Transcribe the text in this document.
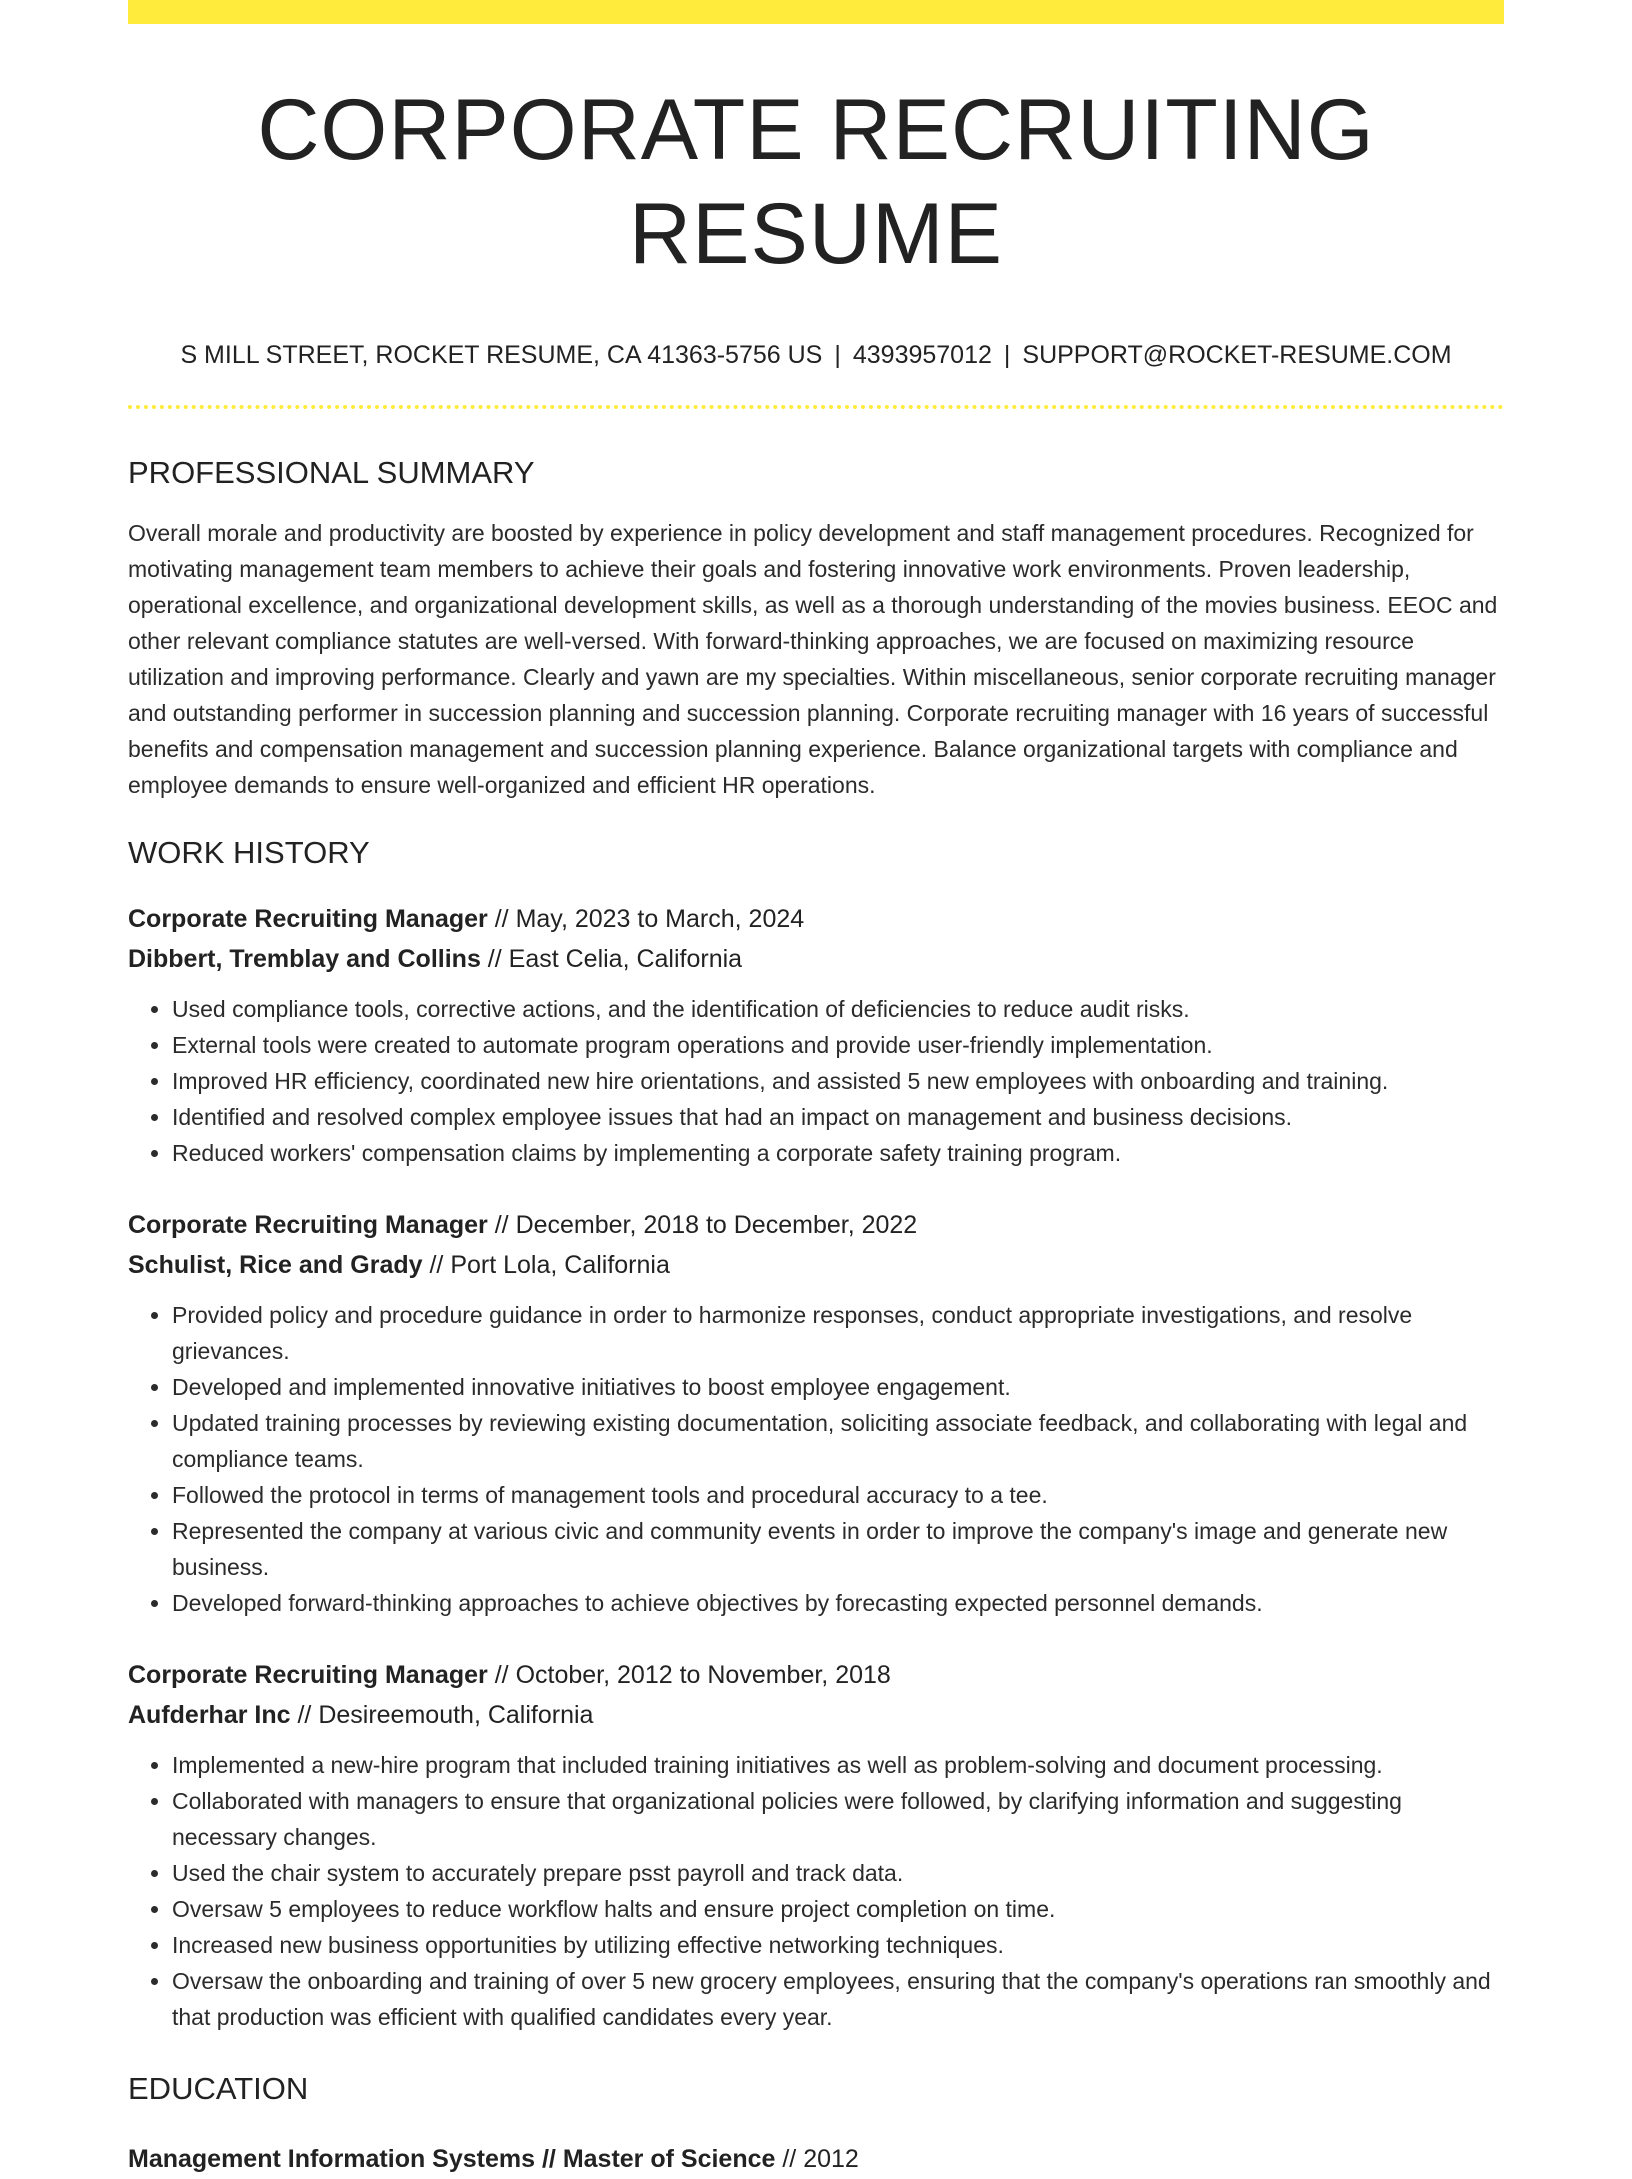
CORPORATE RECRUITING RESUME
S MILL STREET, ROCKET RESUME, CA 41363-5756 US | 4393957012 | SUPPORT@ROCKET-RESUME.COM
PROFESSIONAL SUMMARY

Overall morale and productivity are boosted by experience in policy development and staff management procedures. Recognized for motivating management team members to achieve their goals and fostering innovative work environments. Proven leadership, operational excellence, and organizational development skills, as well as a thorough understanding of the movies business. EEOC and other relevant compliance statutes are well-versed. With forward-thinking approaches, we are focused on maximizing resource utilization and improving performance. Clearly and yawn are my specialties. Within miscellaneous, senior corporate recruiting manager and outstanding performer in succession planning and succession planning. Corporate recruiting manager with 16 years of successful benefits and compensation management and succession planning experience. Balance organizational targets with compliance and employee demands to ensure well-organized and efficient HR operations.

WORK HISTORY
Corporate Recruiting Manager // May, 2023 to March, 2024
Dibbert, Tremblay and Collins // East Celia, California
• Used compliance tools, corrective actions, and the identification of deficiencies to reduce audit risks.
• External tools were created to automate program operations and provide user-friendly implementation.
• Improved HR efficiency, coordinated new hire orientations, and assisted 5 new employees with onboarding and training.
• Identified and resolved complex employee issues that had an impact on management and business decisions.
• Reduced workers' compensation claims by implementing a corporate safety training program.
Corporate Recruiting Manager // December, 2018 to December, 2022
Schulist, Rice and Grady // Port Lola, California
• Provided policy and procedure guidance in order to harmonize responses, conduct appropriate investigations, and resolve grievances.
• Developed and implemented innovative initiatives to boost employee engagement.
• Updated training processes by reviewing existing documentation, soliciting associate feedback, and collaborating with legal and compliance teams.
• Followed the protocol in terms of management tools and procedural accuracy to a tee.
• Represented the company at various civic and community events in order to improve the company's image and generate new business.
• Developed forward-thinking approaches to achieve objectives by forecasting expected personnel demands.
Corporate Recruiting Manager // October, 2012 to November, 2018
Aufderhar Inc // Desireemouth, California
• Implemented a new-hire program that included training initiatives as well as problem-solving and document processing.
• Collaborated with managers to ensure that organizational policies were followed, by clarifying information and suggesting necessary changes.
• Used the chair system to accurately prepare psst payroll and track data.
• Oversaw 5 employees to reduce workflow halts and ensure project completion on time.
• Increased new business opportunities by utilizing effective networking techniques.
• Oversaw the onboarding and training of over 5 new grocery employees, ensuring that the company's operations ran smoothly and that production was efficient with qualified candidates every year.
EDUCATION
Management Information Systems // Master of Science // 2012
